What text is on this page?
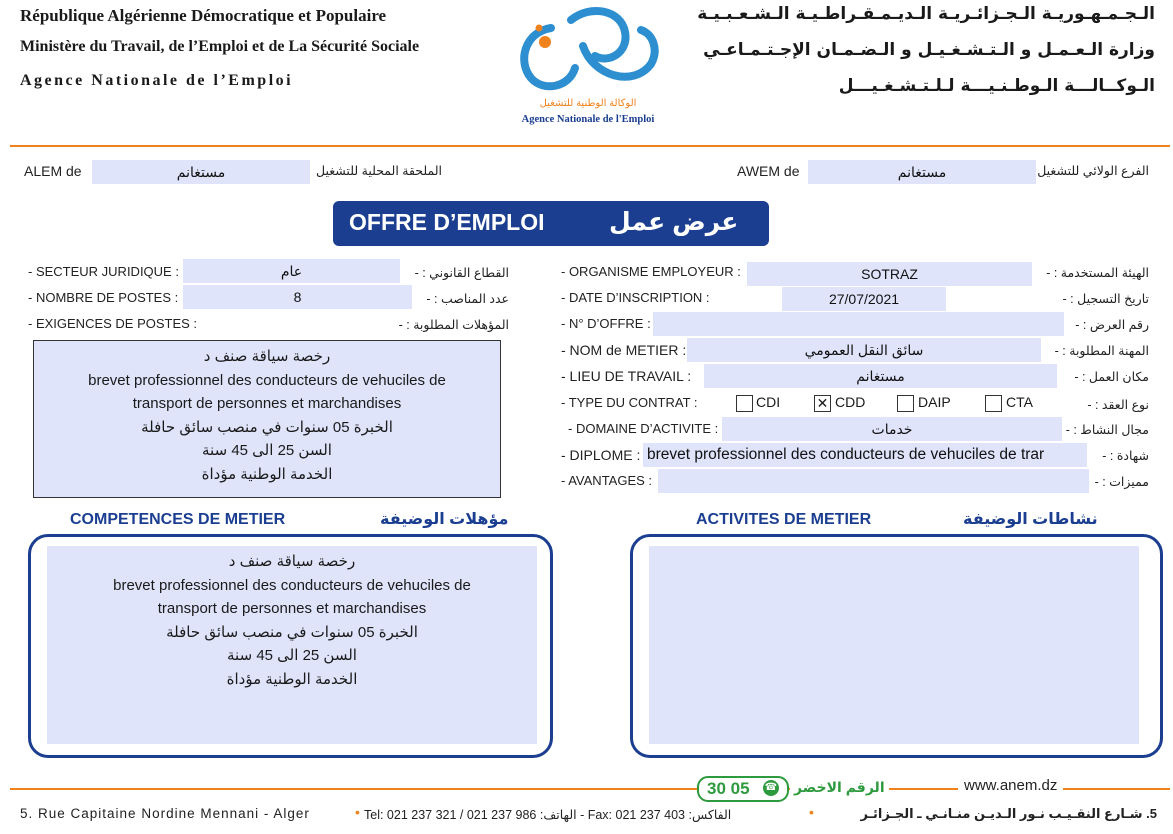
République Algérienne Démocratique et Populaire
Ministère du Travail, de l’Emploi et de La Sécurité Sociale
Agence Nationale de l’Emploi
الوكالة الوطنية للتشغيل
Agence Nationale de l'Emploi
الـجـمـهـوريـة الـجـزائـريـة الـديـمـقـراطـيـة الـشـعـبـيـة
وزارة الـعـمـل و الـتـشـغـيـل و الـضـمـان الإجـتـمـاعـي
الـوكــالـــة الـوطـنـيـــة لـلـتـشـغـيـــل
ALEM de	مستغانم	الملحقة المحلية للتشغيل	AWEM de	مستغانم	الفرع الولائي للتشغيل
OFFRE D’EMPLOI	عرض عمل
- SECTEUR JURIDIQUE :	عام	القطاع القانوني : -
- NOMBRE DE POSTES :	8	عدد المناصب : -
- EXIGENCES DE POSTES :	المؤهلات المطلوبة : -
رخصة سياقة صنف د
brevet professionnel des conducteurs de vehuciles de
transport de personnes et marchandises
الخبرة 05 سنوات في منصب سائق حافلة
السن 25 الى 45 سنة
الخدمة الوطنية مؤداة
- ORGANISME EMPLOYEUR :	SOTRAZ	الهيئة المستخدمة : -
- DATE D’INSCRIPTION :	27/07/2021	تاريخ التسجيل : -
- N° D’OFFRE :	رقم العرض : -
- NOM de METIER :	سائق النقل العمومي	المهنة المطلوبة : -
- LIEU DE TRAVAIL :	مستغانم	مكان العمل : -
- TYPE DU CONTRAT :	CDI	✕ CDD	DAIP	CTA	نوع العقد : -
- DOMAINE D’ACTIVITE :	خدمات	مجال النشاط : -
- DIPLOME : brevet professionnel des conducteurs de vehuciles de trar	شهادة : -
- AVANTAGES :	مميزات : -
COMPETENCES DE METIER	مؤهلات الوضيفة
رخصة سياقة صنف د
brevet professionnel des conducteurs de vehuciles de
transport de personnes et marchandises
الخبرة 05 سنوات في منصب سائق حافلة
السن 25 الى 45 سنة
الخدمة الوطنية مؤداة
ACTIVITES DE METIER	نشاطات الوضيفة
30 05 ☎ الرقم الاخضر	www.anem.dz
5. Rue Capitaine Nordine Mennani - Alger	• Tel: 021 237 321 / 021 237 986 :الهاتف - Fax: 021 237 403 :الفاكس	•	5. شـارع النقـيـب نـور الـديـن منـانـي ـ الجـزائـر
